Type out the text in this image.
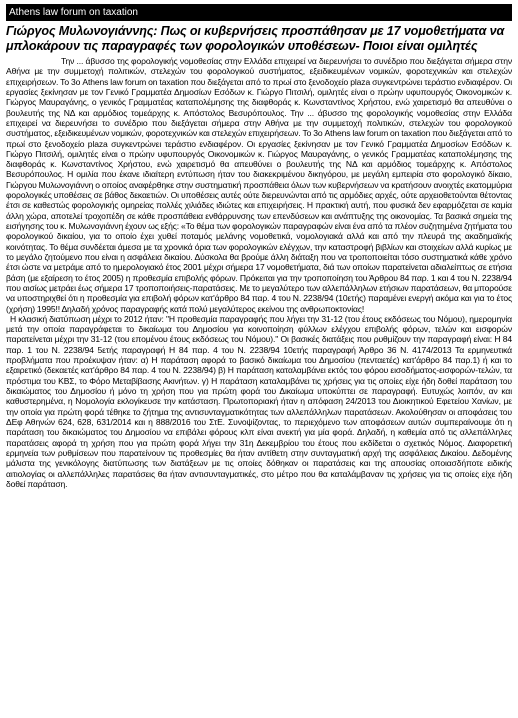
Athens law forum on taxation
Γιώργος Μυλωνογιάννης: Πως οι κυβερνήσεις προσπάθησαν με 17 νομοθετήματα να μπλοκάρουν τις παραγραφές των φορολογικών υποθέσεων- Ποιοι είναι ομιλητές

Την ... άβυσσο της φορολογικής νομοθεσίας στην Ελλάδα επιχειρεί να διερευνήσει το συνέδριο που διεξάγεται σήμερα στην Αθήνα με την συμμετοχή πολιτικών, στελεχών του φορολογικού συστήματος, εξειδικευμένων νομικών, φοροτεχνικών και στελεχών επιχειρήσεων. Το 3ο Athens law forum on taxation που διεξάγεται από το πρωί στο ξενοδοχείο plaza συγκεντρώνει τεράστιο ενδιαφέρον. Οι εργασίες ξεκίνησαν με τον Γενικό Γραμματέα Δημοσίων Εσόδων κ. Γιώργο Πιτσιλή, ομιλητές είναι ο πρώην υφυπουργός Οικονομικών κ. Γιώργος Μαυραγάνης, ο γενικός Γραμματέας καταπολέμησης της διαφθοράς κ. Κωνσταντίνος Χρήστου, ενώ χαιρετισμό θα απευθύνει ο βουλευτής της ΝΔ και αρμόδιος τομεάρχης κ. Απόστολος Βεσυρόπουλος. Την ... άβυσσο της φορολογικής νομοθεσίας στην Ελλάδα επιχειρεί να διερευνήσει το συνέδριο που διεξάγεται σήμερα στην Αθήνα με την συμμετοχή πολιτικών, στελεχών του φορολογικού συστήματος, εξειδικευμένων νομικών, φοροτεχνικών και στελεχών επιχειρήσεων. Το 3ο Athens law forum on taxation που διεξάγεται από το πρωί στο ξενοδοχείο plaza συγκεντρώνει τεράστιο ενδιαφέρον. Οι εργασίες ξεκίνησαν με τον Γενικό Γραμματέα Δημοσίων Εσόδων κ. Γιώργο Πιτσιλή, ομιλητές είναι ο πρώην υφυπουργός Οικονομικών κ. Γιώργος Μαυραγάνης, ο γενικός Γραμματέας καταπολέμησης της διαφθοράς κ. Κωνσταντίνος Χρήστου, ενώ χαιρετισμό θα απευθύνει ο βουλευτής της ΝΔ και αρμόδιος τομεάρχης κ. Απόστολος Βεσυρόπουλος. Η ομιλία που έκανε ιδιαίτερη εντύπωση ήταν του διακεκριμένου δικηγόρου, με μεγάλη εμπειρία στο φορολογικό δίκαιο, Γιώργου Μυλωνογιάννη ο οποίος αναφέρθηκε στην συστηματική προσπάθεια όλων των κυβερνήσεων να κρατήσουν ανοιχτές εκατομμύρια φορολογικές υποθέσεις σε βάθος δεκαετιών. Οι υποθέσεις αυτές ούτε διερευνώνται από τις αρμόδιες αρχές, ούτε αρχειοθετούνται θέτοντας έτσι σε καθεστώς φορολογικής ομηρείας πολλές χιλιάδες ιδιώτες και επιχειρήσεις. Η πρακτική αυτή, που φυσικά δεν εφαρμόζεται σε καμία άλλη χώρα, αποτελεί τροχοπέδη σε κάθε προσπάθεια ενθάρρυνσης των επενδύσεων και ανάπτυξης της οικονομίας. Τα βασικά σημεία της εισήγησης του κ. Μυλωνογιάννη έχουν ως εξής: «Το θέμα των φορολογικών παραγραφών είναι ένα από τα πλέον συζητημένα ζητήματα του φορολογικού δικαίου, για το οποίο έχει χυθεί ποταμός μελάνης νομοθετικά, νομολογιακά αλλά και από την πλευρά της ακαδημαϊκής κοινότητας. Το θέμα συνδέεται άμεσα με τα χρονικά όρια των φορολογικών ελέγχων, την καταστροφή βιβλίων και στοιχείων αλλά κυρίως με το μεγάλο ζητούμενο που είναι η ασφάλεια δικαίου. Δύσκολα θα βρούμε άλλη διάταξη που να τροποποιείται τόσο συστηματικά κάθε χρόνο έτσι ώστε να μετράμε από το ημερολογιακό έτος 2001 μέχρι σήμερα 17 νομοθετήματα, διά των οποίων παρατείνεται αδιαλείπτως σε ετήσια βάση (με εξαίρεση το έτος 2005) η προθεσμία επιβολής φόρων. Πρόκειται για την τροποποίηση του Άρθρου 84 παρ. 1 και 4 του Ν. 2238/94 που αισίως μετράει έως σήμερα 17 τροποποιήσεις-παρατάσεις. Με το μεγαλύτερο των αλλεπάλληλων ετήσιων παρατάσεων, θα μπορούσε να υποστηριχθεί ότι η προθεσμία για επιβολή φόρων κατ'άρθρο 84 παρ. 4 του Ν. 2238/94 (10ετής) παραμένει ενεργή ακόμα και για το έτος (χρήση) 1995!! Δηλαδή χρόνος παραγραφής κατά πολύ μεγαλύτερος εκείνου της ανθρωποκτονίας!

Η κλασική διατύπωση μέχρι το 2012 ήταν: "Η προθεσμία παραγραφής που λήγει την 31-12 (του έτους εκδόσεως του Νόμου), ημερομηνία μετά την οποία παραγράφεται το δικαίωμα του Δημοσίου για κοινοποίηση φύλλων ελέγχου επιβολής φόρων, τελών και εισφορών παρατείνεται μέχρι την 31-12 (του επομένου έτους εκδόσεως του Νόμου)." Οι βασικές διατάξεις που ρυθμίζουν την παραγραφή είναι: Η 84 παρ. 1 του Ν. 2238/94 5ετής παραγραφή Η 84 παρ. 4 του Ν. 2238/94 10ετής παραγραφή Άρθρο 36 Ν. 4174/2013 Τα ερμηνευτικά προβλήματα που προέκυψαν ήταν: α) Η παράταση αφορά το βασικό δικαίωμα του Δημοσίου (πενταετές) κατ'άρθρο 84 παρ.1) ή και το εξαιρετικό (δεκαετές κατ'άρθρο 84 παρ. 4 του Ν. 2238/94) β) Η παράταση καταλαμβάνει εκτός του φόρου εισοδήματος-εισφορών-τελών, τα πρόστιμα του ΚΒΣ, το Φόρο Μεταβίβασης Ακινήτων. γ) Η παράταση καταλαμβάνει τις χρήσεις για τις οποίες είχε ήδη δοθεί παράταση του δικαιώματος του Δημοσίου ή μόνο τη χρήση που για πρώτη φορά του Δικαίωμα υποκύπτει σε παραγραφή. Ευτυχώς λοιπόν, αν και καθυστερημένα, η Νομολογία εκλογίκευσε την κατάσταση. Πρωτοποριακή ήταν η απόφαση 24/2013 του Διοικητικού Εφετείου Χανίων, με την οποία για πρώτη φορά τέθηκε το ζήτημα της αντισυνταγματικότητας των αλλεπάλληλων παρατάσεων. Ακολούθησαν οι αποφάσεις του ΔΕφ Αθηνών 624, 628, 631/2014 και η 888/2016 του ΣτΕ. Συνοψίζοντας, το περιεχόμενο των αποφάσεων αυτών συμπεραίνουμε ότι η παράταση του δικαιώματος του Δημοσίου να επιβάλει φόρους κλπ είναι ανεκτή για μία φορά. Δηλαδή, η καθεμία από τις αλλεπάλληλες παρατάσεις αφορά τη χρήση που για πρώτη φορά λήγει την 31η Δεκεμβρίου του έτους που εκδίδεται ο σχετικός Νόμος. Διαφορετική ερμηνεία των ρυθμίσεων που παρατείνουν τις προθεσμίες θα ήταν αντίθετη στην συνταγματική αρχή της ασφάλειας Δικαίου. Δεδομένης μάλιστα της γενικόλογης διατύπωσης των διατάξεων με τις οποίες δόθηκαν οι παρατάσεις και της απουσίας οποιασδήποτε ειδικής αιτιολογίας οι αλλεπάλληλες παρατάσεις θα ήταν αντισυνταγματικές, στο μέτρο που θα καταλάμβαναν τις χρήσεις για τις οποίες είχε ήδη δοθεί παράταση.
